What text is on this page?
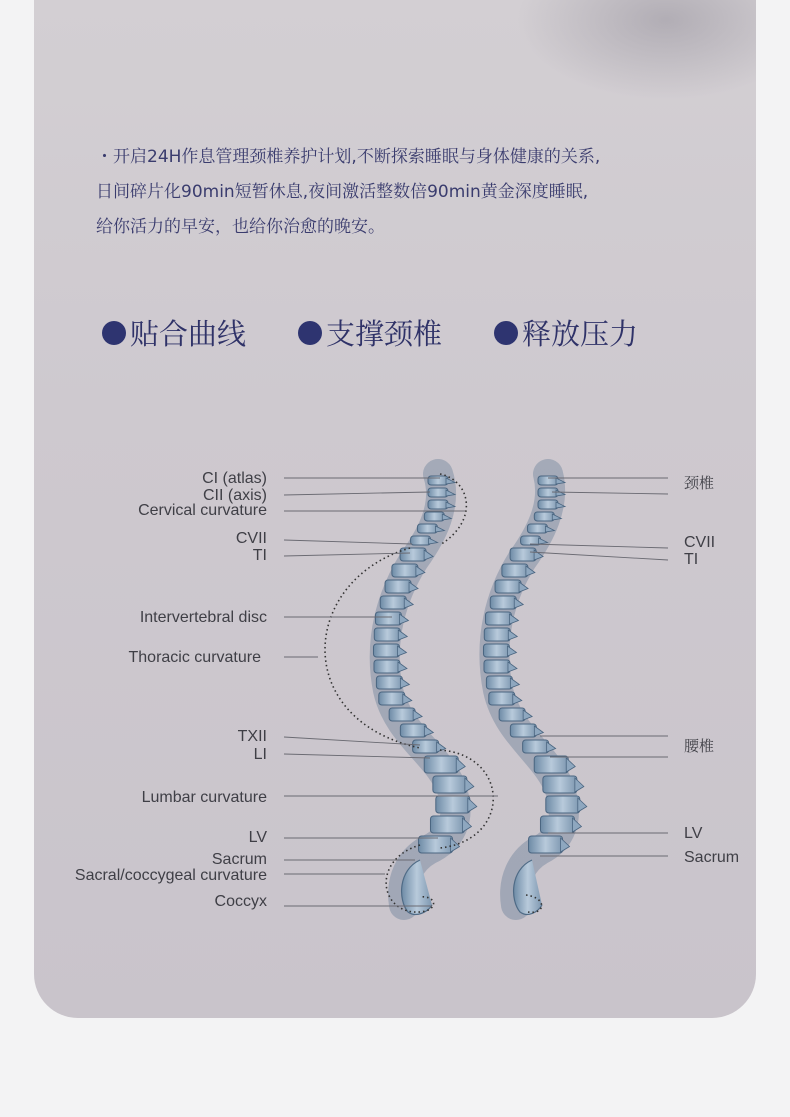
・开启24H作息管理颈椎养护计划,不断探索睡眠与身体健康的关系,

日间碎片化90min短暂休息,夜间激活整数倍90min黄金深度睡眠,

给你活力的早安，也给你治愈的晚安。

贴合曲线	支撑颈椎	释放压力
CI (atlas)
CII (axis)
Cervical curvature
CVII
TI
Intervertebral disc
Thoracic curvature
TXII
LI
Lumbar curvature
LV
Sacrum
Sacral/coccygeal curvature
Coccyx
颈椎
CVII
TI
腰椎
LV
Sacrum
